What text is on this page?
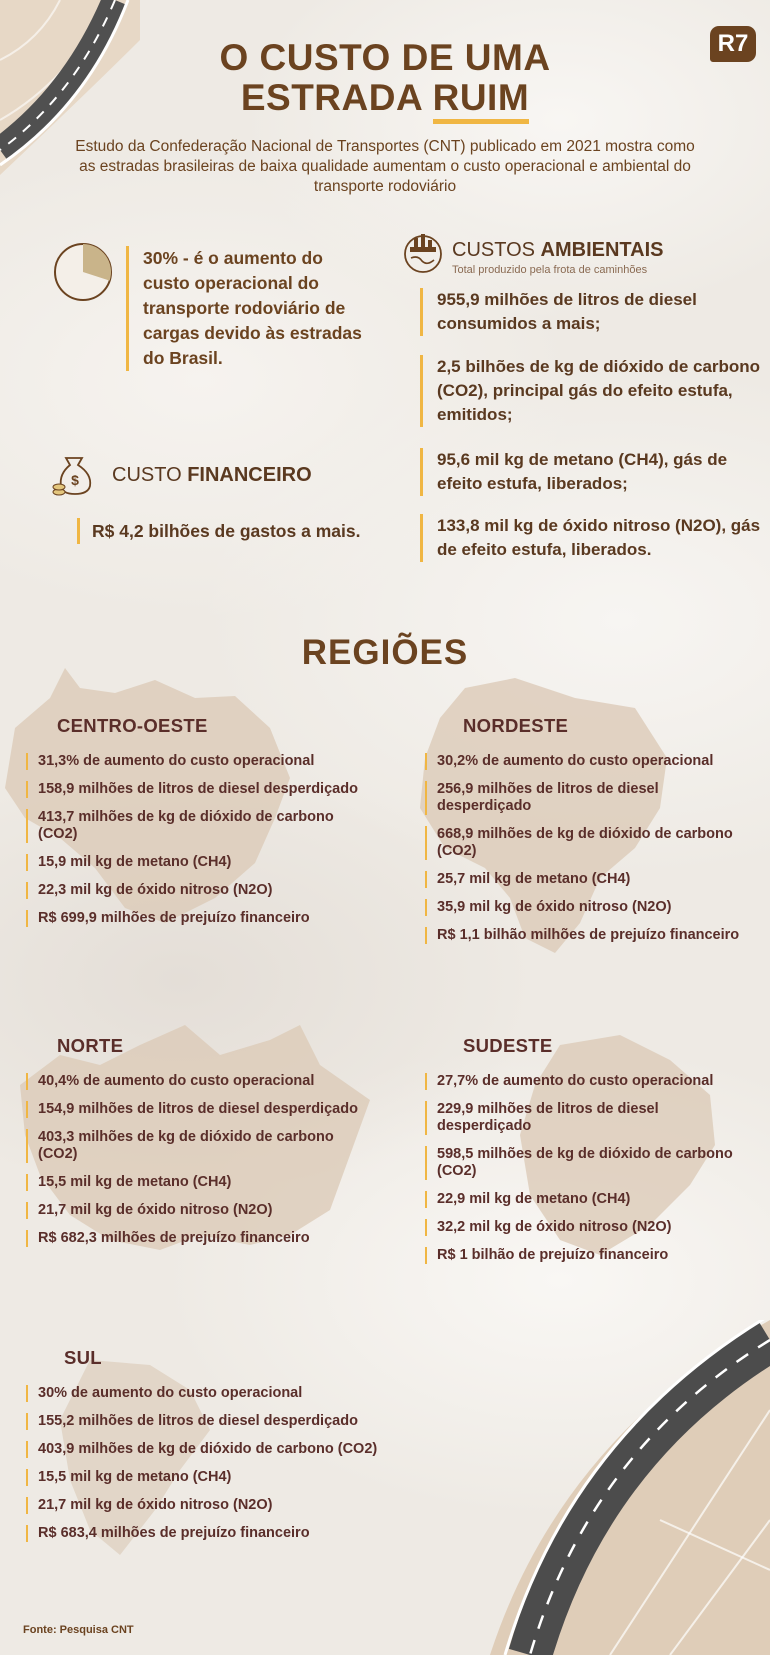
O CUSTO DE UMA
ESTRADA RUIM
R7
Estudo da Confederação Nacional de Transportes (CNT) publicado em 2021 mostra como as estradas brasileiras de baixa qualidade aumentam o custo operacional e ambiental do transporte rodoviário
30% - é o aumento do custo operacional do transporte rodoviário de cargas devido às estradas do Brasil.
CUSTOS AMBIENTAIS
Total produzido pela frota de caminhões
955,9 milhões de litros de diesel consumidos a mais;
2,5 bilhões de kg de dióxido de carbono (CO2), principal gás do efeito estufa, emitidos;
95,6 mil kg de metano (CH4), gás de efeito estufa, liberados;
133,8 mil kg de óxido nitroso (N2O), gás de efeito estufa, liberados.
$ CUSTO FINANCEIRO
R$ 4,2 bilhões de gastos a mais.
REGIÕES
CENTRO-OESTE
31,3% de aumento do custo operacional
158,9 milhões de litros de diesel desperdiçado
413,7 milhões de kg de dióxido de carbono (CO2)
15,9 mil kg de metano (CH4)
22,3 mil kg de óxido nitroso (N2O)
R$ 699,9 milhões de prejuízo financeiro
NORDESTE
30,2% de aumento do custo operacional
256,9 milhões de litros de diesel desperdiçado
668,9 milhões de kg de dióxido de carbono (CO2)
25,7 mil kg de metano (CH4)
35,9 mil kg de óxido nitroso (N2O)
R$ 1,1 bilhão milhões de prejuízo financeiro
NORTE
40,4% de aumento do custo operacional
154,9 milhões de litros de diesel desperdiçado
403,3 milhões de kg de dióxido de carbono (CO2)
15,5 mil kg de metano (CH4)
21,7 mil kg de óxido nitroso (N2O)
R$ 682,3 milhões de prejuízo financeiro
SUDESTE
27,7% de aumento do custo operacional
229,9 milhões de litros de diesel desperdiçado
598,5 milhões de kg de dióxido de carbono (CO2)
22,9 mil kg de metano (CH4)
32,2 mil kg de óxido nitroso (N2O)
R$ 1 bilhão de prejuízo financeiro
SUL
30% de aumento do custo operacional
155,2 milhões de litros de diesel desperdiçado
403,9 milhões de kg de dióxido de carbono (CO2)
15,5 mil kg de metano (CH4)
21,7 mil kg de óxido nitroso (N2O)
R$ 683,4 milhões de prejuízo financeiro
Fonte: Pesquisa CNT
